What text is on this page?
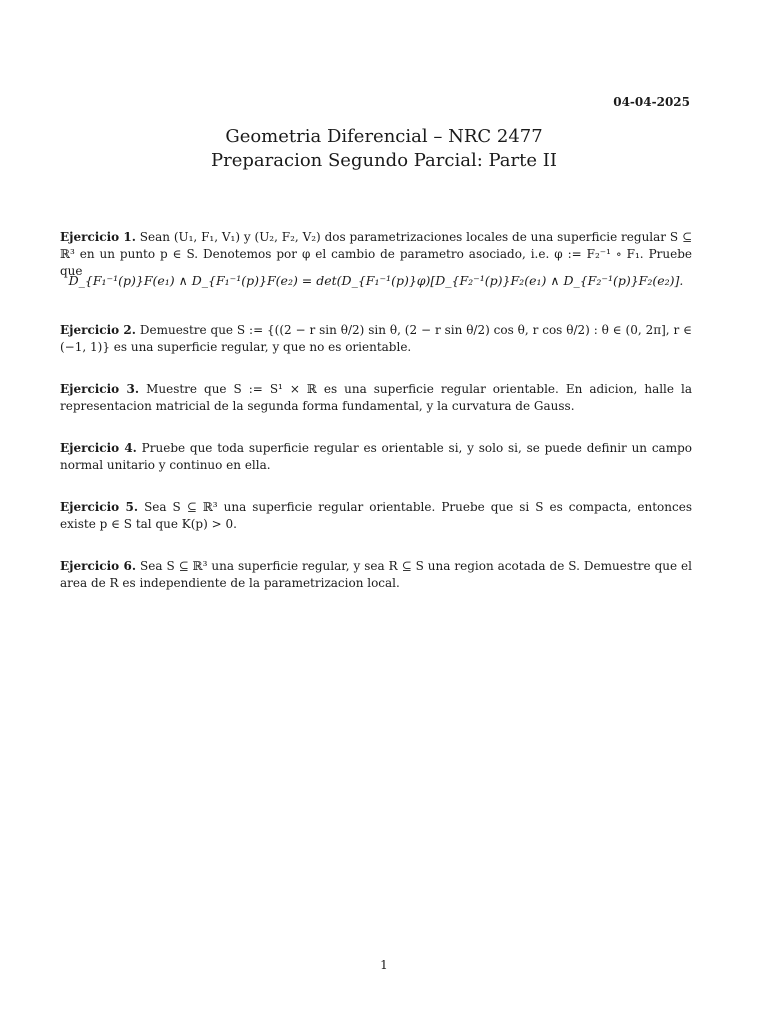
04-04-2025
Geometria Diferencial – NRC 2477
Preparacion Segundo Parcial: Parte II
Ejercicio 1. Sean (U₁, F₁, V₁) y (U₂, F₂, V₂) dos parametrizaciones locales de una superficie regular S ⊆ ℝ³ en un punto p ∈ S. Denotemos por φ el cambio de parametro asociado, i.e. φ := F₂⁻¹ ∘ F₁. Pruebe que
D_{F₁⁻¹(p)}F(e₁) ∧ D_{F₁⁻¹(p)}F(e₂) = det(D_{F₁⁻¹(p)}φ)[D_{F₂⁻¹(p)}F₂(e₁) ∧ D_{F₂⁻¹(p)}F₂(e₂)].
Ejercicio 2. Demuestre que S := {((2 − r sin θ/2) sin θ, (2 − r sin θ/2) cos θ, r cos θ/2) : θ ∈ (0, 2π], r ∈ (−1, 1)} es una superficie regular, y que no es orientable.
Ejercicio 3. Muestre que S := S¹ × ℝ es una superficie regular orientable. En adicion, halle la representacion matricial de la segunda forma fundamental, y la curvatura de Gauss.
Ejercicio 4. Pruebe que toda superficie regular es orientable si, y solo si, se puede definir un campo normal unitario y continuo en ella.
Ejercicio 5. Sea S ⊆ ℝ³ una superficie regular orientable. Pruebe que si S es compacta, entonces existe p ∈ S tal que K(p) > 0.
Ejercicio 6. Sea S ⊆ ℝ³ una superficie regular, y sea R ⊆ S una region acotada de S. Demuestre que el area de R es independiente de la parametrizacion local.
1
